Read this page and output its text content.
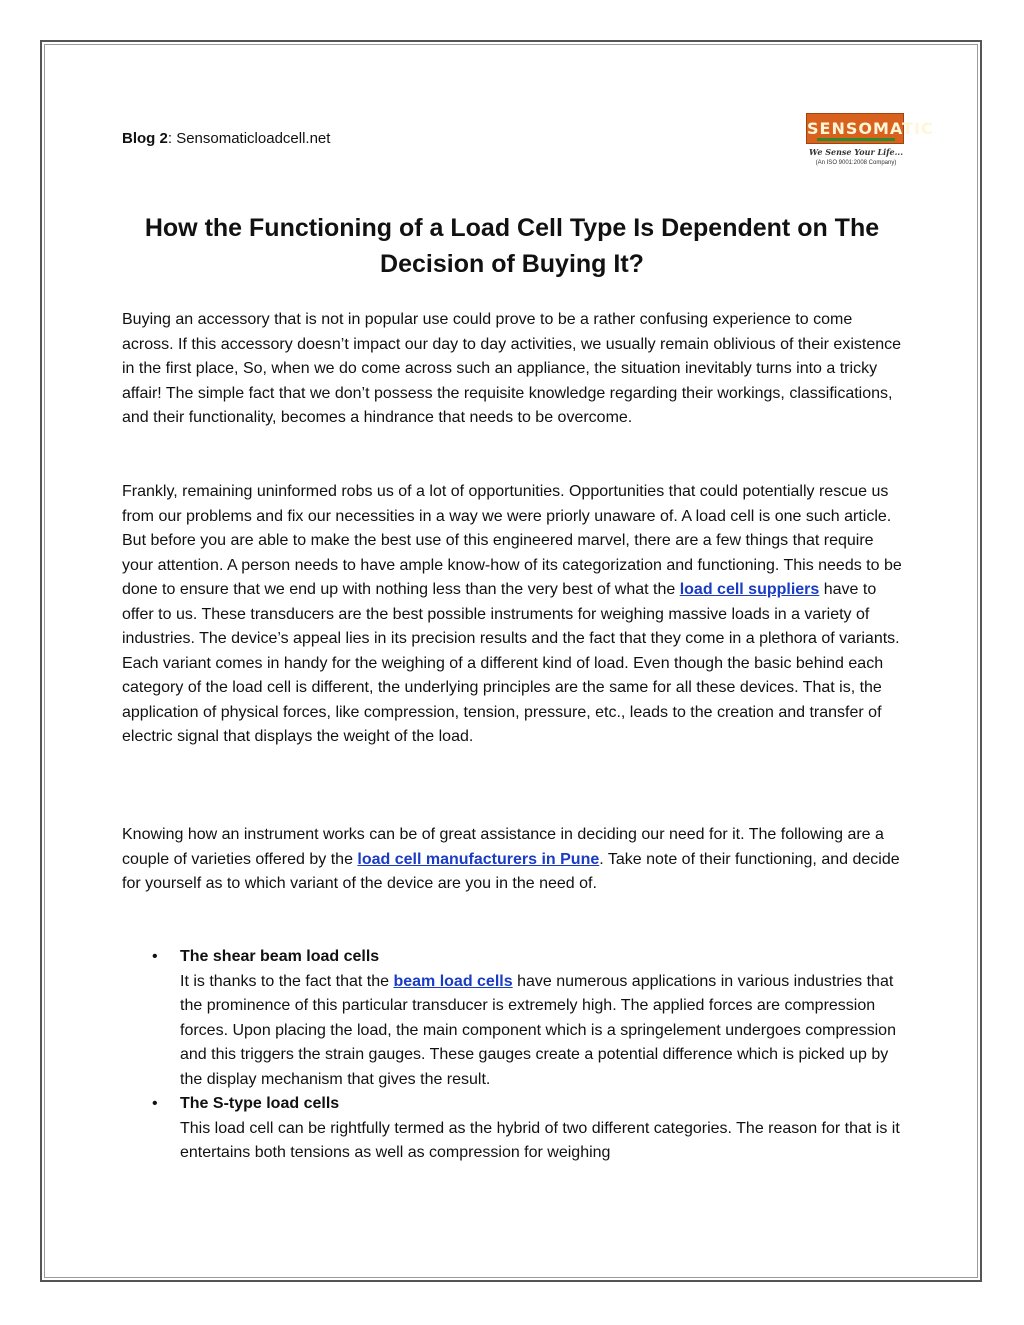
Blog 2: Sensomaticloadcell.net
SENSOMATIC
We Sense Your Life...
(An ISO 9001:2008 Company)
How the Functioning of a Load Cell Type Is Dependent on The
Decision of Buying It?

Buying an accessory that is not in popular use could prove to be a rather confusing experience to come across. If this accessory doesn’t impact our day to day activities, we usually remain oblivious of their existence in the first place, So, when we do come across such an appliance, the situation inevitably turns into a tricky affair! The simple fact that we don’t possess the requisite knowledge regarding their workings, classifications, and their functionality, becomes a hindrance that needs to be overcome.

Frankly, remaining uninformed robs us of a lot of opportunities. Opportunities that could potentially rescue us from our problems and fix our necessities in a way we were priorly unaware of. A load cell is one such article. But before you are able to make the best use of this engineered marvel, there are a few things that require your attention. A person needs to have ample know-how of its categorization and functioning. This needs to be done to ensure that we end up with nothing less than the very best of what the load cell suppliers have to offer to us. These transducers are the best possible instruments for weighing massive loads in a variety of industries. The device’s appeal lies in its precision results and the fact that they come in a plethora of variants. Each variant comes in handy for the weighing of a different kind of load. Even though the basic behind each category of the load cell is different, the underlying principles are the same for all these devices. That is, the application of physical forces, like compression, tension, pressure, etc., leads to the creation and transfer of electric signal that displays the weight of the load.

Knowing how an instrument works can be of great assistance in deciding our need for it. The following are a couple of varieties offered by the load cell manufacturers in Pune. Take note of their functioning, and decide for yourself as to which variant of the device are you in the need of.

• The shear beam load cells
It is thanks to the fact that the beam load cells have numerous applications in various industries that the prominence of this particular transducer is extremely high. The applied forces are compression forces. Upon placing the load, the main component which is a springelement undergoes compression and this triggers the strain gauges. These gauges create a potential difference which is picked up by the display mechanism that gives the result.
• The S-type load cells
This load cell can be rightfully termed as the hybrid of two different categories. The reason for that is it entertains both tensions as well as compression for weighing
